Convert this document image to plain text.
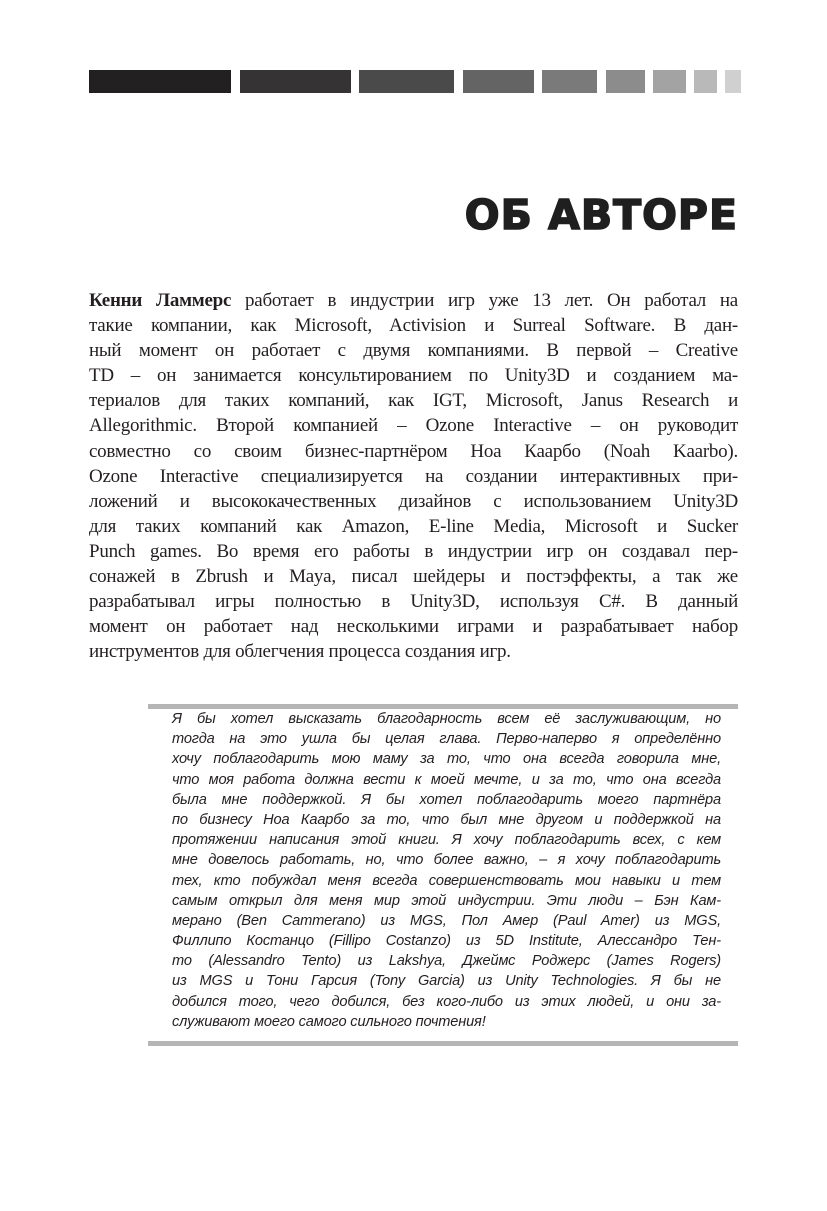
ОБ АВТОРЕ
Кенни Ламмерс работает в индустрии игр уже 13 лет. Он работал на
такие компании, как Microsoft, Activision и Surreal Software. В дан-
ный момент он работает с двумя компаниями. В первой – Creative
TD – он занимается консультированием по Unity3D и созданием ма-
териалов для таких компаний, как IGT, Microsoft, Janus Research и
Allegorithmic. Второй компанией – Ozone Interactive – он руководит
совместно со своим бизнес-партнёром Ноа Каарбо (Noah Kaarbo).
Ozone Interactive специализируется на создании интерактивных при-
ложений и высококачественных дизайнов с использованием Unity3D
для таких компаний как Amazon, E-line Media, Microsoft и Sucker
Punch games. Во время его работы в индустрии игр он создавал пер-
сонажей в Zbrush и Maya, писал шейдеры и постэффекты, а так же
разрабатывал игры полностью в Unity3D, используя C#. В данный
момент он работает над несколькими играми и разрабатывает набор
инструментов для облегчения процесса создания игр.
Я бы хотел высказать благодарность всем её заслуживающим, но
тогда на это ушла бы целая глава. Перво-наперво я определённо
хочу поблагодарить мою маму за то, что она всегда говорила мне,
что моя работа должна вести к моей мечте, и за то, что она всегда
была мне поддержкой. Я бы хотел поблагодарить моего партнёра
по бизнесу Ноа Каарбо за то, что был мне другом и поддержкой на
протяжении написания этой книги. Я хочу поблагодарить всех, с кем
мне довелось работать, но, что более важно, – я хочу поблагодарить
тех, кто побуждал меня всегда совершенствовать мои навыки и тем
самым открыл для меня мир этой индустрии. Эти люди – Бэн Кам-
мерано (Ben Cammerano) из MGS, Пол Амер (Paul Amer) из MGS,
Филлипо Костанцо (Fillipo Costanzo) из 5D Institute, Алессандро Тен-
то (Alessandro Tento) из Lakshya, Джеймс Роджерс (James Rogers)
из MGS и Тони Гарсия (Tony Garcia) из Unity Technologies. Я бы не
добился того, чего добился, без кого-либо из этих людей, и они за-
служивают моего самого сильного почтения!
